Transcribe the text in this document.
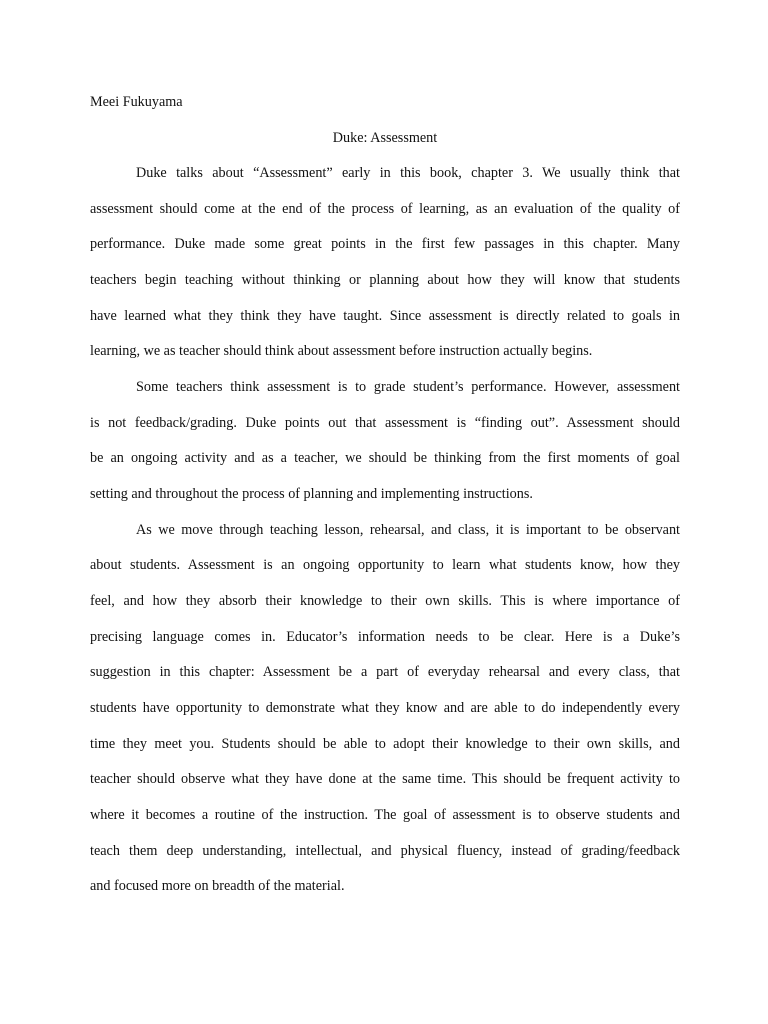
Meei Fukuyama
Duke: Assessment
Duke talks about “Assessment” early in this book, chapter 3. We usually think that
assessment should come at the end of the process of learning, as an evaluation of the quality of
performance. Duke made some great points in the first few passages in this chapter. Many
teachers begin teaching without thinking or planning about how they will know that students
have learned what they think they have taught. Since assessment is directly related to goals in
learning, we as teacher should think about assessment before instruction actually begins.
Some teachers think assessment is to grade student’s performance. However, assessment
is not feedback/grading. Duke points out that assessment is “finding out”. Assessment should
be an ongoing activity and as a teacher, we should be thinking from the first moments of goal
setting and throughout the process of planning and implementing instructions.
As we move through teaching lesson, rehearsal, and class, it is important to be observant
about students. Assessment is an ongoing opportunity to learn what students know, how they
feel, and how they absorb their knowledge to their own skills. This is where importance of
precising language comes in. Educator’s information needs to be clear. Here is a Duke’s
suggestion in this chapter: Assessment be a part of everyday rehearsal and every class, that
students have opportunity to demonstrate what they know and are able to do independently every
time they meet you. Students should be able to adopt their knowledge to their own skills, and
teacher should observe what they have done at the same time. This should be frequent activity to
where it becomes a routine of the instruction. The goal of assessment is to observe students and
teach them deep understanding, intellectual, and physical fluency, instead of grading/feedback
and focused more on breadth of the material.
